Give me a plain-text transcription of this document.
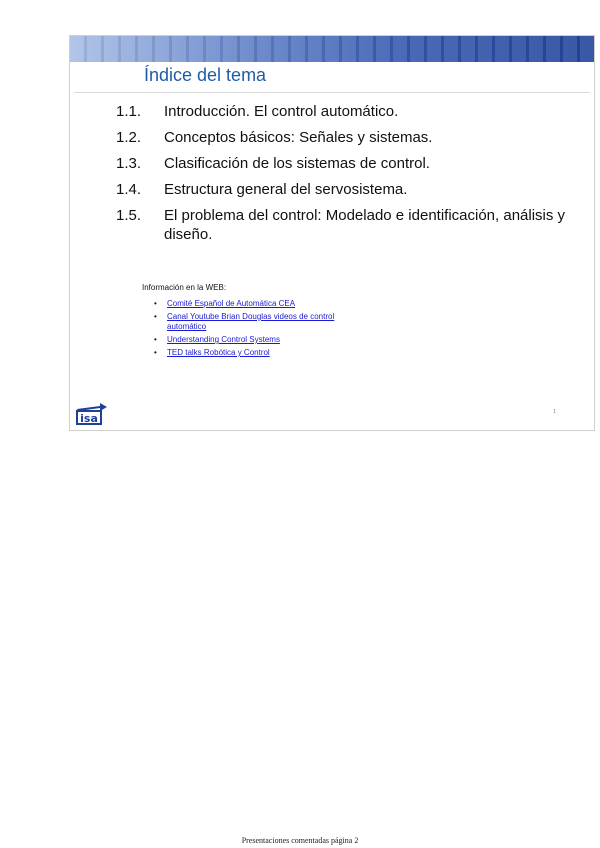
Índice del tema
1.1.	Introducción. El control automático.
1.2.	Conceptos básicos: Señales y sistemas.
1.3.	Clasificación de los sistemas de control.
1.4.	Estructura general del servosistema.
1.5.	El problema del control: Modelado e identificación, análisis y diseño.
Información en la WEB:
•	Comité Español de Automática CEA
•	Canal Youtube Brian Douglas videos de control automático
•	Understanding Control Systems
•	TED talks Robótica y Control
isa	1
Presentaciones comentadas página 2
